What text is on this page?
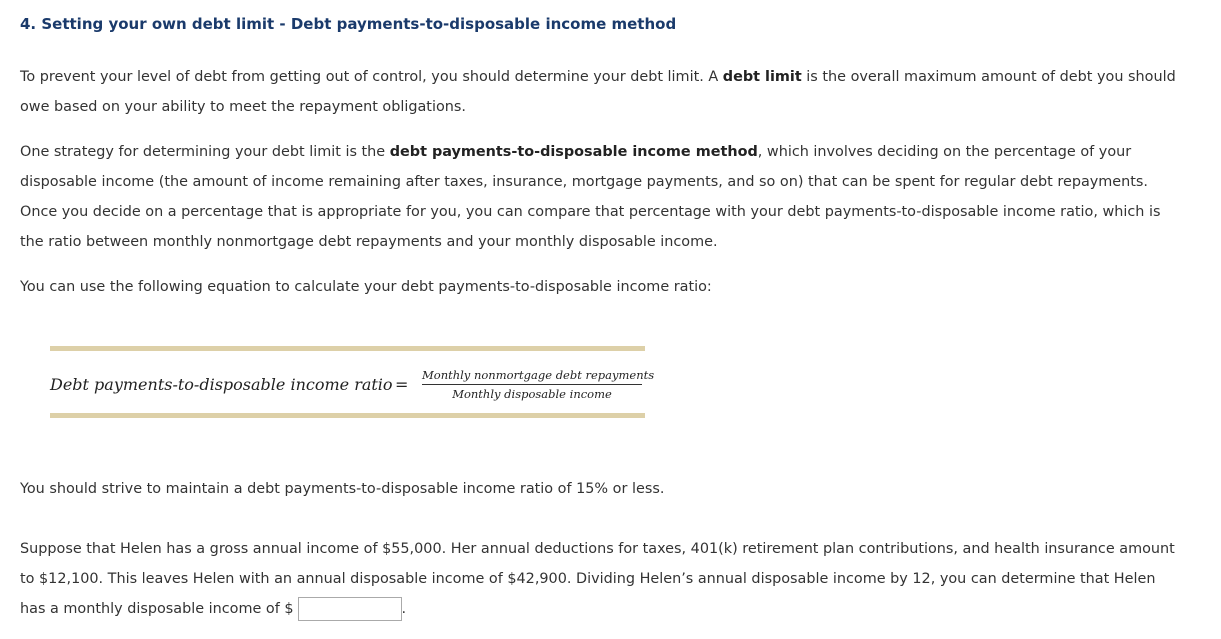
4. Setting your own debt limit - Debt payments-to-disposable income method

To prevent your level of debt from getting out of control, you should determine your debt limit. A debt limit is the overall maximum amount of debt you should owe based on your ability to meet the repayment obligations.

One strategy for determining your debt limit is the debt payments-to-disposable income method, which involves deciding on the percentage of your disposable income (the amount of income remaining after taxes, insurance, mortgage payments, and so on) that can be spent for regular debt repayments. Once you decide on a percentage that is appropriate for you, you can compare that percentage with your debt payments-to-disposable income ratio, which is the ratio between monthly nonmortgage debt repayments and your monthly disposable income.

You can use the following equation to calculate your debt payments-to-disposable income ratio:

Debt payments-to-disposable income ratio = Monthly nonmortgage debt repayments
Monthly disposable income

You should strive to maintain a debt payments-to-disposable income ratio of 15% or less.

Suppose that Helen has a gross annual income of $55,000. Her annual deductions for taxes, 401(k) retirement plan contributions, and health insurance amount to $12,100. This leaves Helen with an annual disposable income of $42,900. Dividing Helen’s annual disposable income by 12, you can determine that Helen has a monthly disposable income of $	.
